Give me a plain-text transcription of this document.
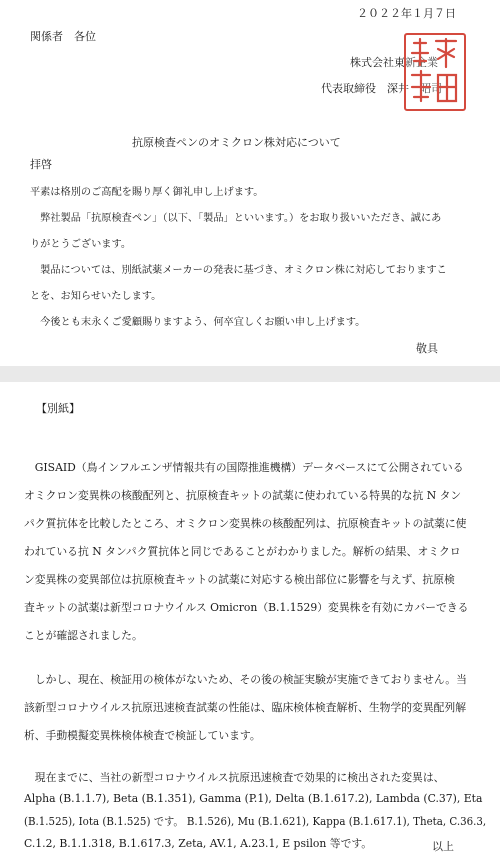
２０２２年１月７日
関係者　各位
株式会社東新企業
代表取締役　深井　昭司
抗原検査ペンのオミクロン株対応について
拝啓
平素は格別のご高配を賜り厚く御礼申し上げます。
　弊社製品「抗原検査ペン」（以下、「製品」といいます。）をお取り扱いいただき、誠にあ
りがとうございます。
　製品については、別紙試薬メーカーの発表に基づき、オミクロン株に対応しておりますこ
とを、お知らせいたします。
　今後とも末永くご愛顧賜りますよう、何卒宜しくお願い申し上げます。
敬具
【別紙】
　GISAID（鳥インフルエンザ情報共有の国際推進機構）データベースにて公開されている
オミクロン変異株の核酸配列と、抗原検査キットの試薬に使われている特異的な抗 N タン
パク質抗体を比較したところ、オミクロン変異株の核酸配列は、抗原検査キットの試薬に使
われている抗 N タンパク質抗体と同じであることがわかりました。解析の結果、オミクロ
ン変異株の変異部位は抗原検査キットの試薬に対応する検出部位に影響を与えず、抗原検
査キットの試薬は新型コロナウイルス Omicron（B.1.1529）変異株を有効にカバーできる
ことが確認されました。
　しかし、現在、検証用の検体がないため、その後の検証実験が実施できておりません。当
該新型コロナウイルス抗原迅速検査試薬の性能は、臨床検体検査解析、生物学的変異配列解
析、手動模擬変異株検体検査で検証しています。
　現在までに、当社の新型コロナウイルス抗原迅速検査で効果的に検出された変異は、
Alpha (B.1.1.7), Beta (B.1.351), Gamma (P.1), Delta (B.1.617.2), Lambda (C.37), Eta
(B.1.525), Iota (B.1.525) です。 B.1.526), Mu (B.1.621), Kappa (B.1.617.1), Theta, C.36.3,
C.1.2, B.1.1.318, B.1.617.3, Zeta, AV.1, A.23.1, E psilon 等です。	以上
